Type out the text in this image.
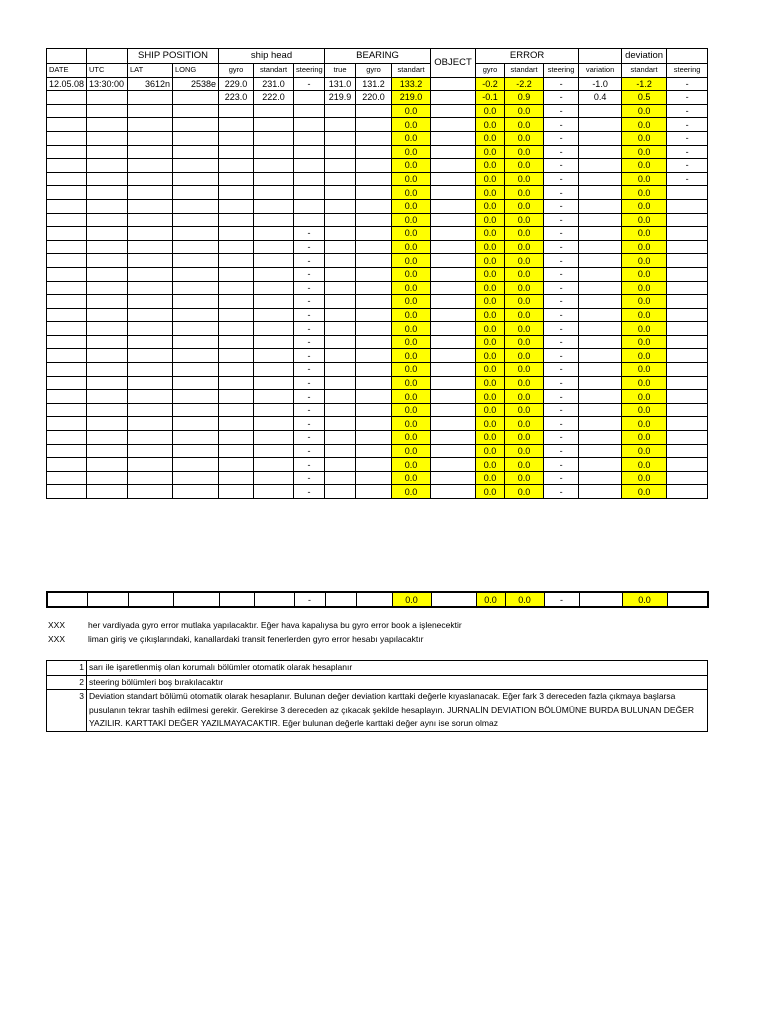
		SHIP POSITION		ship head			BEARING			OBJECT	ERROR				deviation	
DATE	UTC	LAT	LONG	gyro	standart	steering	true	gyro	standart		gyro	standart	steering	variation	standart	steering
12.05.08	13:30:00	3612n	2538e	229.0	231.0	-	131.0	131.2	133.2		-0.2	-2.2	-	-1.0	-1.2	-
				223.0	222.0		219.9	220.0	219.0		-0.1	0.9	-	0.4	0.5	-
									0.0		0.0	0.0	-		0.0	-
									0.0		0.0	0.0	-		0.0	-
									0.0		0.0	0.0	-		0.0	-
									0.0		0.0	0.0	-		0.0	-
									0.0		0.0	0.0	-		0.0	-
									0.0		0.0	0.0	-		0.0	-
									0.0		0.0	0.0	-		0.0	
									0.0		0.0	0.0	-		0.0	
									0.0		0.0	0.0	-		0.0	
						-			0.0		0.0	0.0	-		0.0	
						-			0.0		0.0	0.0	-		0.0	
						-			0.0		0.0	0.0	-		0.0	
						-			0.0		0.0	0.0	-		0.0	
						-			0.0		0.0	0.0	-		0.0	
						-			0.0		0.0	0.0	-		0.0	
						-			0.0		0.0	0.0	-		0.0	
						-			0.0		0.0	0.0	-		0.0	
						-			0.0		0.0	0.0	-		0.0	
						-			0.0		0.0	0.0	-		0.0	
						-			0.0		0.0	0.0	-		0.0	
						-			0.0		0.0	0.0	-		0.0	
						-			0.0		0.0	0.0	-		0.0	
						-			0.0		0.0	0.0	-		0.0	
						-			0.0		0.0	0.0	-		0.0	
						-			0.0		0.0	0.0	-		0.0	
						-			0.0		0.0	0.0	-		0.0	
						-			0.0		0.0	0.0	-		0.0	
						-			0.0		0.0	0.0	-		0.0	
						-			0.0		0.0	0.0	-		0.0	
						-			0.0		0.0	0.0	-		0.0	
XXX	her vardiyada gyro error mutlaka yapılacaktır. Eğer hava kapalıysa bu gyro error book a işlenecektir
XXX	liman giriş ve çıkışlarındaki, kanallardaki transit fenerlerden gyro error hesabı yapılacaktır
1	sarı ile işaretlenmiş olan korumalı bölümler otomatik olarak hesaplanır
2	steering bölümleri boş bırakılacaktır
3	Deviation standart bölümü otomatik olarak hesaplanır. Bulunan değer deviation karttaki değerle kıyaslanacak. Eğer fark 3 dereceden fazla çıkmaya başlarsa pusulanın tekrar tashih edilmesi gerekir. Gerekirse 3 dereceden az çıkacak şekilde hesaplayın. JURNALİN DEVIATION BÖLÜMÜNE BURDA BULUNAN DEĞER YAZILIR. KARTTAKİ DEĞER YAZILMAYACAKTIR. Eğer bulunan değerle karttaki değer aynı ise sorun olmaz
